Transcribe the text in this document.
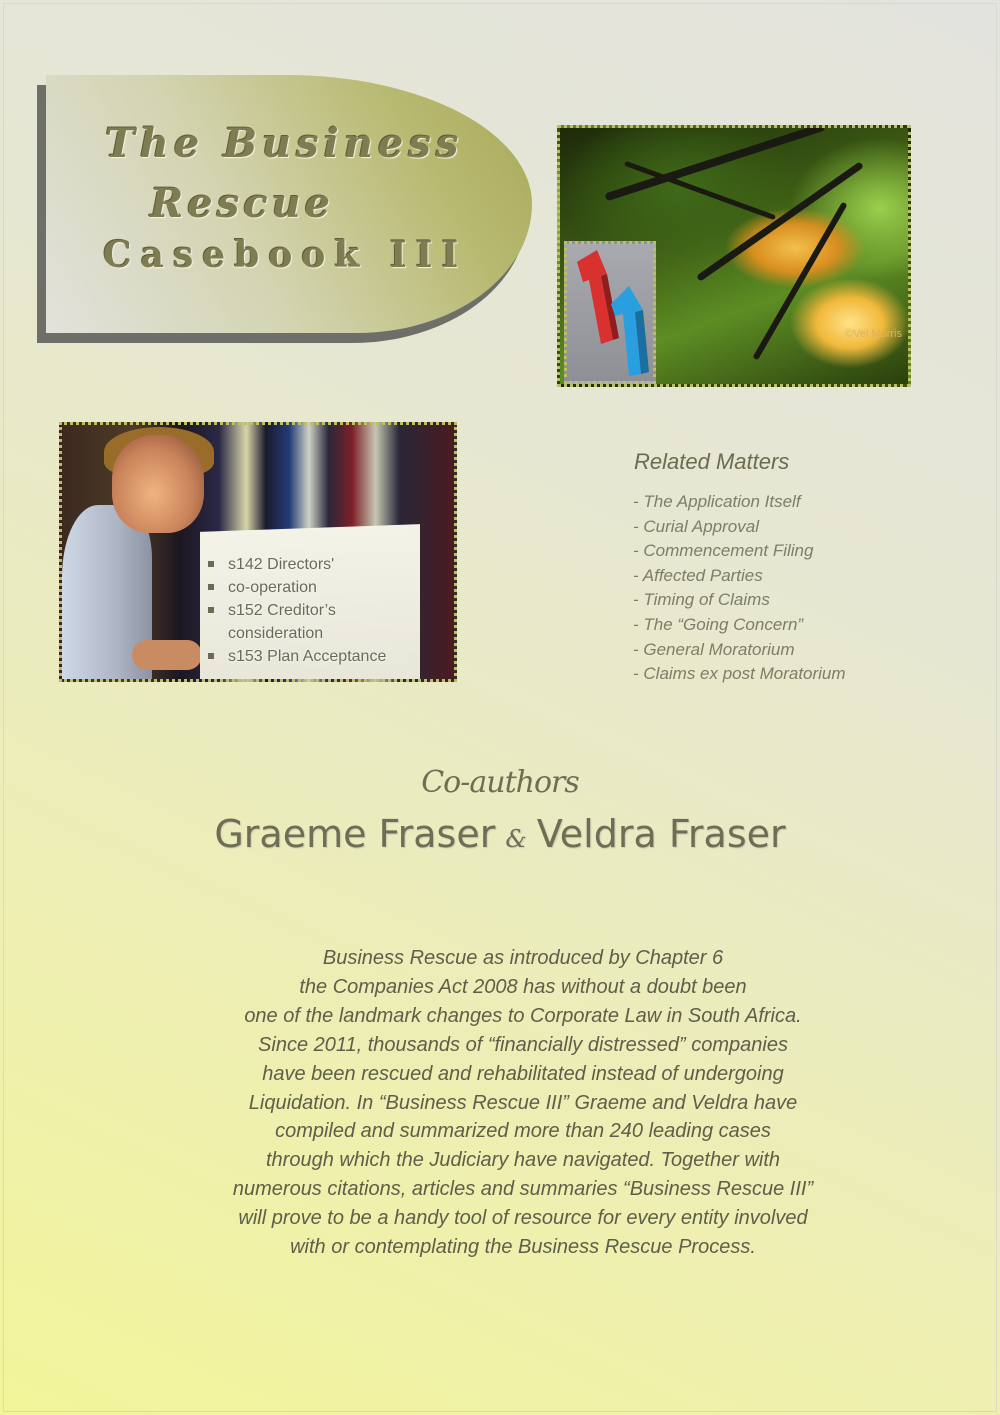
The Business
Rescue
Casebook III
©Vel Morris
s142 Directors'
co-operation
s152 Creditor’s
consideration
s153 Plan Acceptance
Related Matters
- The Application Itself
- Curial Approval
- Commencement Filing
- Affected Parties
- Timing of Claims
- The “Going Concern”
- General Moratorium
- Claims ex post Moratorium
Co-authors
Graeme Fraser & Veldra Fraser
Business Rescue as introduced by Chapter 6
the Companies Act 2008 has without a doubt been
one of the landmark changes to Corporate Law in South Africa.
Since 2011, thousands of “financially distressed” companies
have been rescued and rehabilitated instead of undergoing
Liquidation. In “Business Rescue III” Graeme and Veldra have
compiled and summarized more than 240 leading cases
through which the Judiciary have navigated. Together with
numerous citations, articles and summaries “Business Rescue III”
will prove to be a handy tool of resource for every entity involved
with or contemplating the Business Rescue Process.
